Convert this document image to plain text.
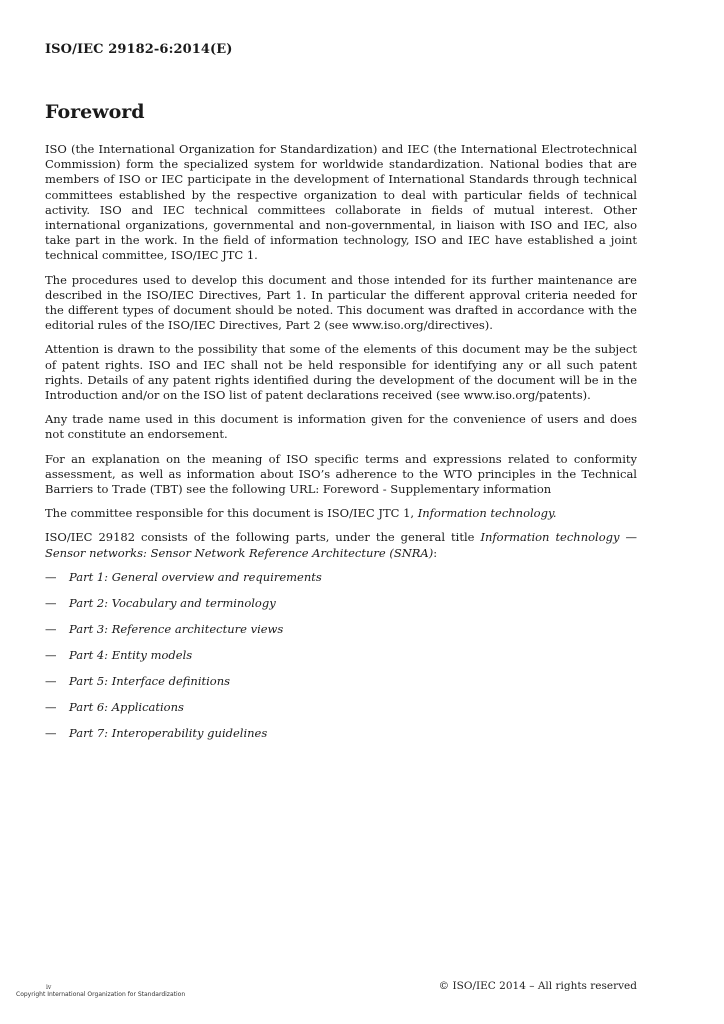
ISO/IEC 29182-6:2014(E)
Foreword

ISO (the International Organization for Standardization) and IEC (the International Electrotechnical Commission) form the specialized system for worldwide standardization. National bodies that are members of ISO or IEC participate in the development of International Standards through technical committees established by the respective organization to deal with particular fields of technical activity. ISO and IEC technical committees collaborate in fields of mutual interest. Other international organizations, governmental and non-governmental, in liaison with ISO and IEC, also take part in the work. In the field of information technology, ISO and IEC have established a joint technical committee, ISO/IEC JTC 1.

The procedures used to develop this document and those intended for its further maintenance are described in the ISO/IEC Directives, Part 1. In particular the different approval criteria needed for the different types of document should be noted. This document was drafted in accordance with the editorial rules of the ISO/IEC Directives, Part 2 (see www.iso.org/directives).

Attention is drawn to the possibility that some of the elements of this document may be the subject of patent rights. ISO and IEC shall not be held responsible for identifying any or all such patent rights. Details of any patent rights identified during the development of the document will be in the Introduction and/or on the ISO list of patent declarations received (see www.iso.org/patents).

Any trade name used in this document is information given for the convenience of users and does not constitute an endorsement.

For an explanation on the meaning of ISO specific terms and expressions related to conformity assessment, as well as information about ISO’s adherence to the WTO principles in the Technical Barriers to Trade (TBT) see the following URL: Foreword - Supplementary information

The committee responsible for this document is ISO/IEC JTC 1, Information technology.

ISO/IEC 29182 consists of the following parts, under the general title Information technology — Sensor networks: Sensor Network Reference Architecture (SNRA):

—	Part 1: General overview and requirements
—	Part 2: Vocabulary and terminology
—	Part 3: Reference architecture views
—	Part 4: Entity models
—	Part 5: Interface definitions
—	Part 6: Applications
—	Part 7: Interoperability guidelines
iv
Copyright International Organization for Standardization
© ISO/IEC 2014 – All rights reserved
